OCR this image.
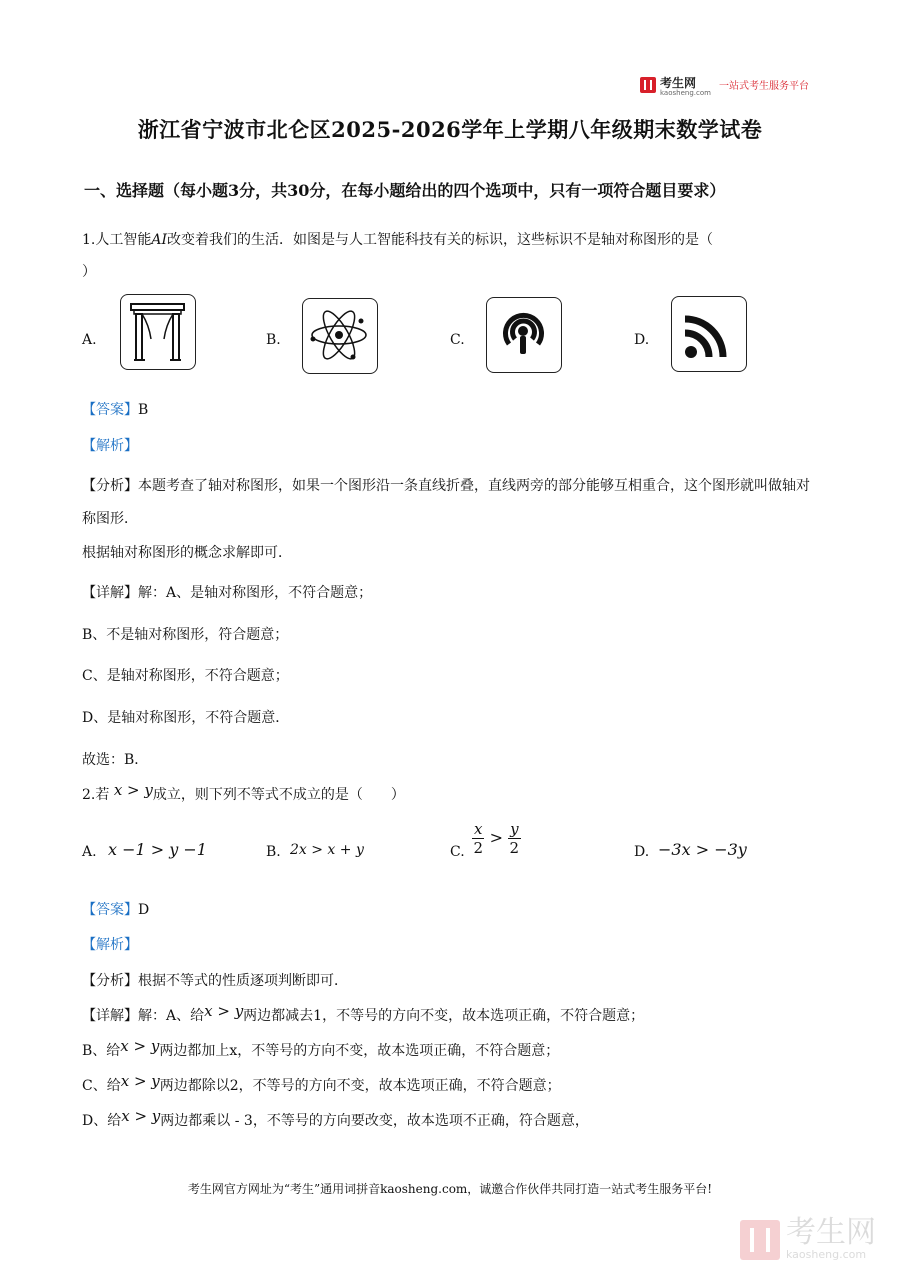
考生网
kaosheng.com
一站式考生服务平台
浙江省宁波市北仑区2025-2026学年上学期八年级期末数学试卷
一、选择题（每小题3分，共30分，在每小题给出的四个选项中，只有一项符合题目要求）
1.人工智能AI改变着我们的生活．如图是与人工智能科技有关的标识，这些标识不是轴对称图形的是（
）
A.	B.	C.	D.
【答案】B
【解析】
【分析】本题考查了轴对称图形，如果一个图形沿一条直线折叠，直线两旁的部分能够互相重合，这个图形就叫做轴对称图形．
根据轴对称图形的概念求解即可．
【详解】解：A、是轴对称图形，不符合题意；
B、不是轴对称图形，符合题意；
C、是轴对称图形，不符合题意；
D、是轴对称图形，不符合题意．
故选：B．
2.若 x > y成立，则下列不等式不成立的是（　　）
A. x −1 > y −1	B. 2x > x + y	C. $\frac{x}{2} > \frac{y}{2}$	D. −3x > −3y
【答案】D
【解析】
【分析】根据不等式的性质逐项判断即可．
【详解】解：A、给x > y两边都减去1，不等号的方向不变，故本选项正确，不符合题意；
B、给x > y两边都加上x，不等号的方向不变，故本选项正确，不符合题意；
C、给x > y两边都除以2，不等号的方向不变，故本选项正确，不符合题意；
D、给x > y两边都乘以 - 3，不等号的方向要改变，故本选项不正确，符合题意，
考生网官方网址为“考生”通用词拼音kaosheng.com，诚邀合作伙伴共同打造一站式考生服务平台!
考生网
kaosheng.com
